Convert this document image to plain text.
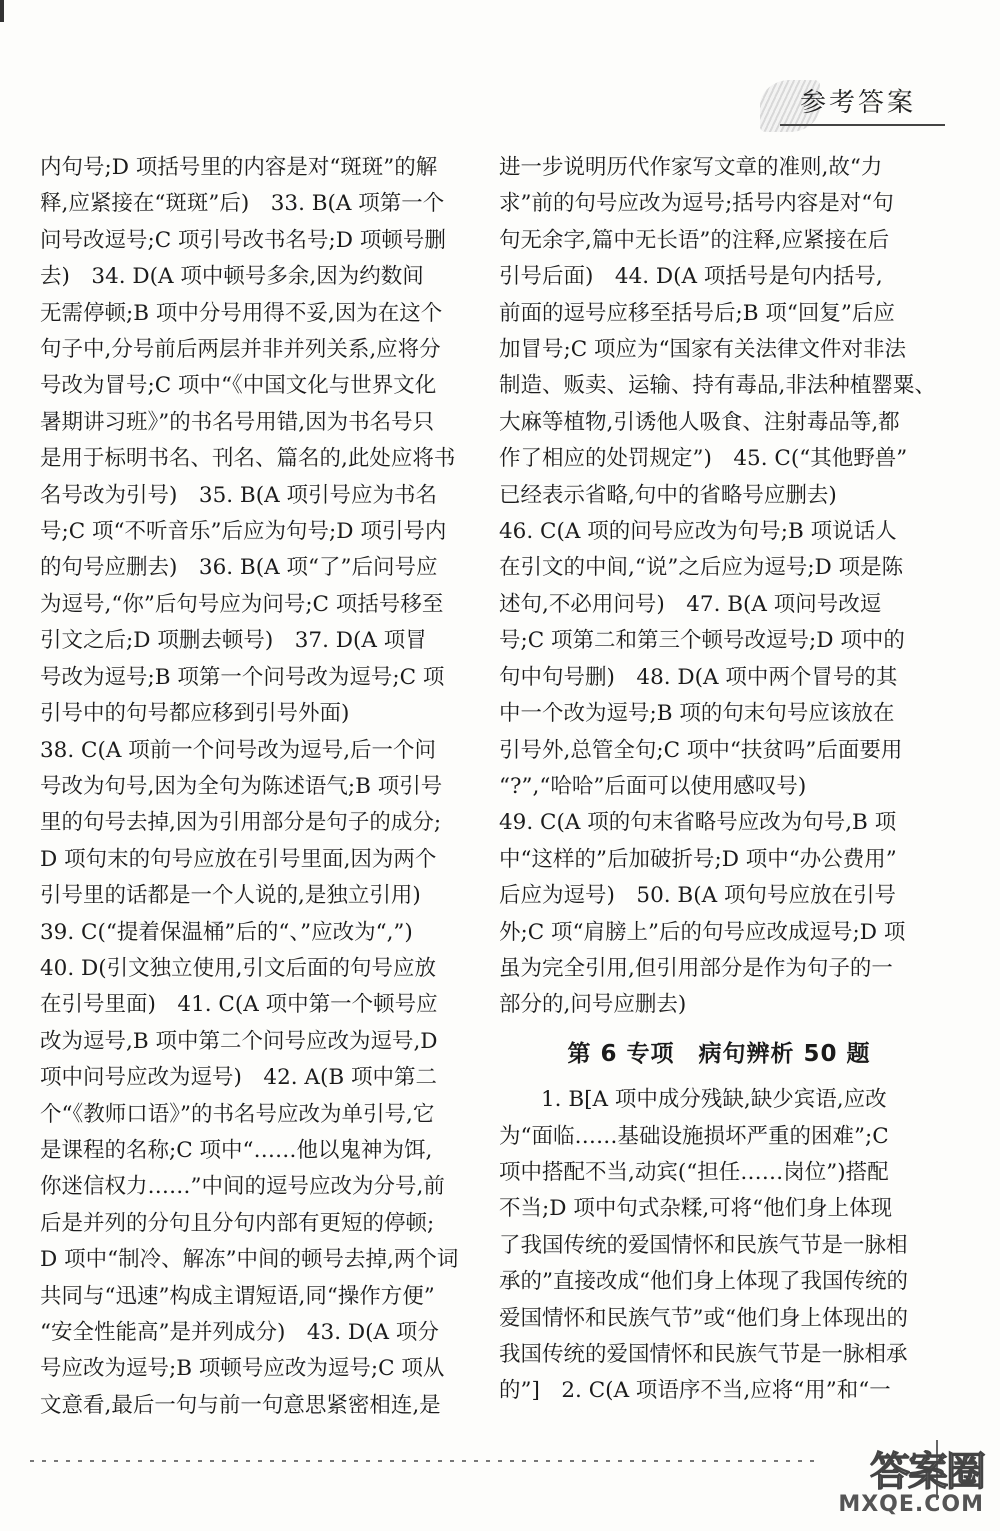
参考答案
内句号;D 项括号里的内容是对“斑斑”的解
释,应紧接在“斑斑”后)　33. B(A 项第一个
问号改逗号;C 项引号改书名号;D 项顿号删
去)　34. D(A 项中顿号多余,因为约数间
无需停顿;B 项中分号用得不妥,因为在这个
句子中,分号前后两层并非并列关系,应将分
号改为冒号;C 项中“《中国文化与世界文化
暑期讲习班》”的书名号用错,因为书名号只
是用于标明书名、刊名、篇名的,此处应将书
名号改为引号)　35. B(A 项引号应为书名
号;C 项“不听音乐”后应为句号;D 项引号内
的句号应删去)　36. B(A 项“了”后问号应
为逗号,“你”后句号应为问号;C 项括号移至
引文之后;D 项删去顿号)　37. D(A 项冒
号改为逗号;B 项第一个问号改为逗号;C 项
引号中的句号都应移到引号外面)
38. C(A 项前一个问号改为逗号,后一个问
号改为句号,因为全句为陈述语气;B 项引号
里的句号去掉,因为引用部分是句子的成分;
D 项句末的句号应放在引号里面,因为两个
引号里的话都是一个人说的,是独立引用)
39. C(“提着保温桶”后的“、”应改为“,”)
40. D(引文独立使用,引文后面的句号应放
在引号里面)　41. C(A 项中第一个顿号应
改为逗号,B 项中第二个问号应改为逗号,D
项中问号应改为逗号)　42. A(B 项中第二
个“《教师口语》”的书名号应改为单引号,它
是课程的名称;C 项中“……他以鬼神为饵,
你迷信权力……”中间的逗号应改为分号,前
后是并列的分句且分句内部有更短的停顿;
D 项中“制冷、解冻”中间的顿号去掉,两个词
共同与“迅速”构成主谓短语,同“操作方便”
“安全性能高”是并列成分)　43. D(A 项分
号应改为逗号;B 项顿号应改为逗号;C 项从
文意看,最后一句与前一句意思紧密相连,是
进一步说明历代作家写文章的准则,故“力
求”前的句号应改为逗号;括号内容是对“句
句无余字,篇中无长语”的注释,应紧接在后
引号后面)　44. D(A 项括号是句内括号,
前面的逗号应移至括号后;B 项“回复”后应
加冒号;C 项应为“国家有关法律文件对非法
制造、贩卖、运输、持有毒品,非法种植罂粟、
大麻等植物,引诱他人吸食、注射毒品等,都
作了相应的处罚规定”)　45. C(“其他野兽”
已经表示省略,句中的省略号应删去)
46. C(A 项的问号应改为句号;B 项说话人
在引文的中间,“说”之后应为逗号;D 项是陈
述句,不必用问号)　47. B(A 项问号改逗
号;C 项第二和第三个顿号改逗号;D 项中的
句中句号删)　48. D(A 项中两个冒号的其
中一个改为逗号;B 项的句末句号应该放在
引号外,总管全句;C 项中“扶贫吗”后面要用
“?”,“哈哈”后面可以使用感叹号)
49. C(A 项的句末省略号应改为句号,B 项
中“这样的”后加破折号;D 项中“办公费用”
后应为逗号)　50. B(A 项句号应放在引号
外;C 项“肩膀上”后的句号应改成逗号;D 项
虽为完全引用,但引用部分是作为句子的一
部分的,问号应删去)
第 6 专项　病句辨析 50 题
1. B[A 项中成分残缺,缺少宾语,应改
为“面临……基础设施损坏严重的困难”;C
项中搭配不当,动宾(“担任……岗位”)搭配
不当;D 项中句式杂糅,可将“他们身上体现
了我国传统的爱国情怀和民族气节是一脉相
承的”直接改成“他们身上体现了我国传统的
爱国情怀和民族气节”或“他们身上体现出的
我国传统的爱国情怀和民族气节是一脉相承
的”]　2. C(A 项语序不当,应将“用”和“一
答案圈
MXQE.COM
